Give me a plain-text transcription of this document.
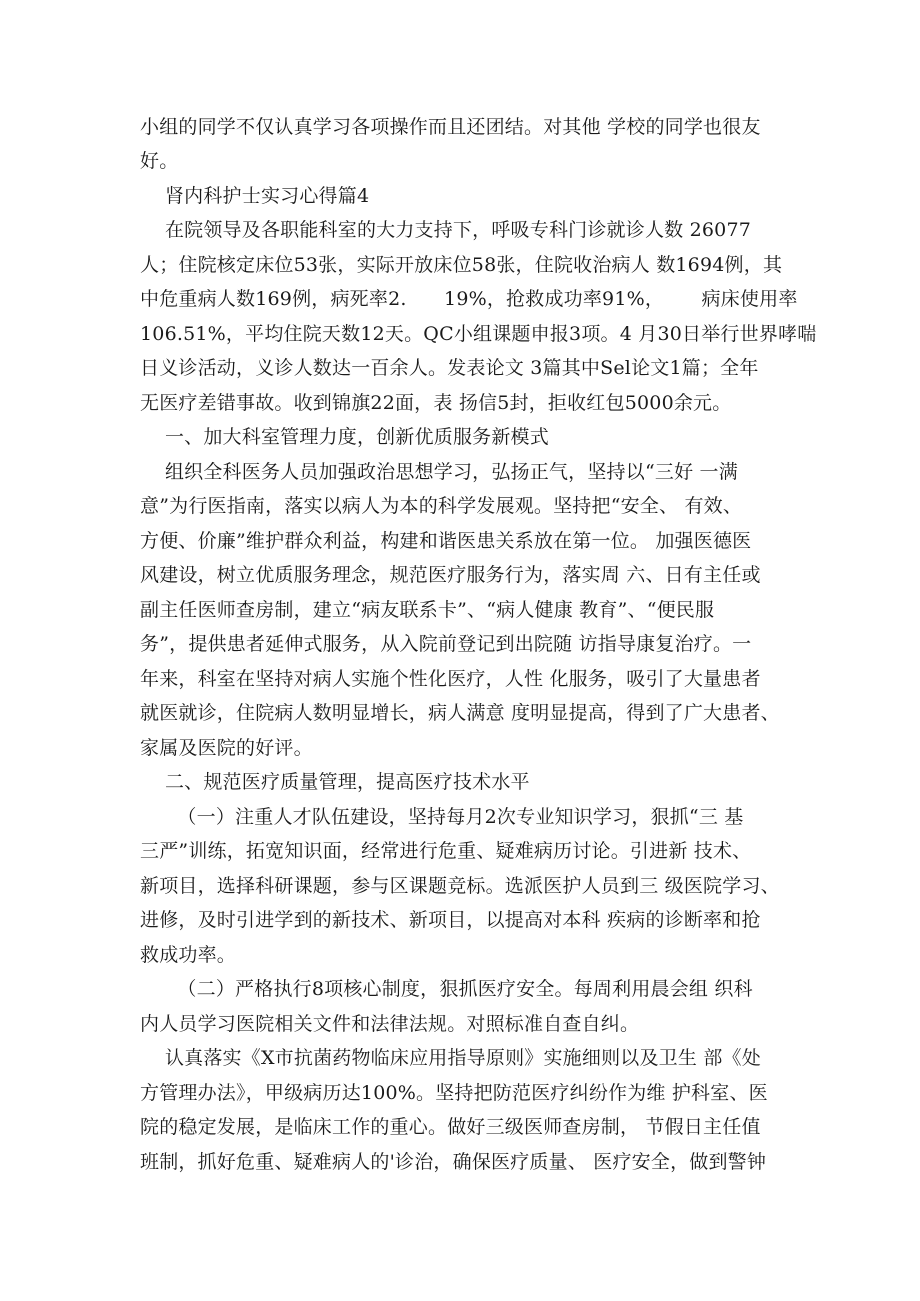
小组的同学不仅认真学习各项操作而且还团结。对其他 学校的同学也很友
好。
肾内科护士实习心得篇4
在院领导及各职能科室的大力支持下，呼吸专科门诊就诊人数 26077
人；住院核定床位53张，实际开放床位58张，住院收治病人 数1694例，其
中危重病人数169例，病死率2.      19%，抢救成功率91%，      病床使用率
106.51%，平均住院天数12天。QC小组课题申报3项。4 月30日举行世界哮喘
日义诊活动，义诊人数达一百余人。发表论文 3篇其中Sel论文1篇；全年
无医疗差错事故。收到锦旗22面，表 扬信5封，拒收红包5000余元。
一、加大科室管理力度，创新优质服务新模式
组织全科医务人员加强政治思想学习，弘扬正气，坚持以“三好 一满
意”为行医指南，落实以病人为本的科学发展观。坚持把“安全、 有效、
方便、价廉”维护群众利益，构建和谐医患关系放在第一位。 加强医德医
风建设，树立优质服务理念，规范医疗服务行为，落实周 六、日有主任或
副主任医师查房制，建立“病友联系卡”、“病人健康 教育”、“便民服
务”，提供患者延伸式服务，从入院前登记到出院随 访指导康复治疗。一
年来，科室在坚持对病人实施个性化医疗，人性 化服务，吸引了大量患者
就医就诊，住院病人数明显增长，病人满意 度明显提高，得到了广大患者、
家属及医院的好评。
二、规范医疗质量管理，提高医疗技术水平
（一）注重人才队伍建设，坚持每月2次专业知识学习，狠抓“三 基
三严”训练，拓宽知识面，经常进行危重、疑难病历讨论。引进新 技术、
新项目，选择科研课题，参与区课题竞标。选派医护人员到三 级医院学习、
进修，及时引进学到的新技术、新项目，以提高对本科 疾病的诊断率和抢
救成功率。
（二）严格执行8项核心制度，狠抓医疗安全。每周利用晨会组 织科
内人员学习医院相关文件和法律法规。对照标准自查自纠。
认真落实《X市抗菌药物临床应用指导原则》实施细则以及卫生 部《处
方管理办法》，甲级病历达100%。坚持把防范医疗纠纷作为维 护科室、医
院的稳定发展，是临床工作的重心。做好三级医师查房制， 节假日主任值
班制，抓好危重、疑难病人的'诊治，确保医疗质量、 医疗安全，做到警钟
